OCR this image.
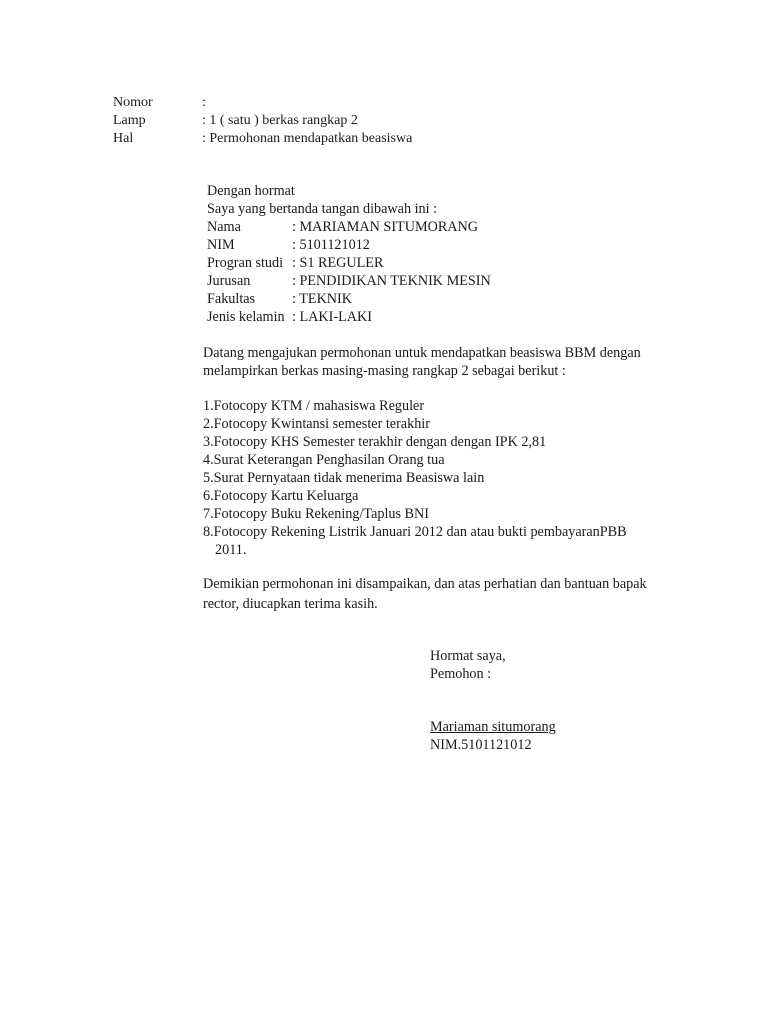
Nomor	:
Lamp	: 1 ( satu ) berkas rangkap 2
Hal	: Permohonan mendapatkan beasiswa
Dengan hormat
Saya yang bertanda tangan dibawah ini :
Nama	: MARIAMAN SITUMORANG
NIM	: 5101121012
Progran studi : S1 REGULER
Jurusan	: PENDIDIKAN TEKNIK MESIN
Fakultas	: TEKNIK
Jenis kelamin : LAKI-LAKI
Datang mengajukan permohonan untuk mendapatkan beasiswa BBM dengan
melampirkan berkas masing-masing rangkap 2 sebagai berikut :
1.Fotocopy KTM / mahasiswa Reguler
2.Fotocopy Kwintansi semester terakhir
3.Fotocopy KHS Semester terakhir dengan dengan IPK 2,81
4.Surat Keterangan Penghasilan Orang tua
5.Surat Pernyataan tidak menerima Beasiswa lain
6.Fotocopy Kartu Keluarga
7.Fotocopy Buku Rekening/Taplus BNI
8.Fotocopy Rekening Listrik Januari 2012 dan atau bukti pembayaranPBB
2011.
Demikian permohonan ini disampaikan, dan atas perhatian dan bantuan bapak
rector, diucapkan terima kasih.
Hormat saya,
Pemohon :
Mariaman situmorang
NIM.5101121012
